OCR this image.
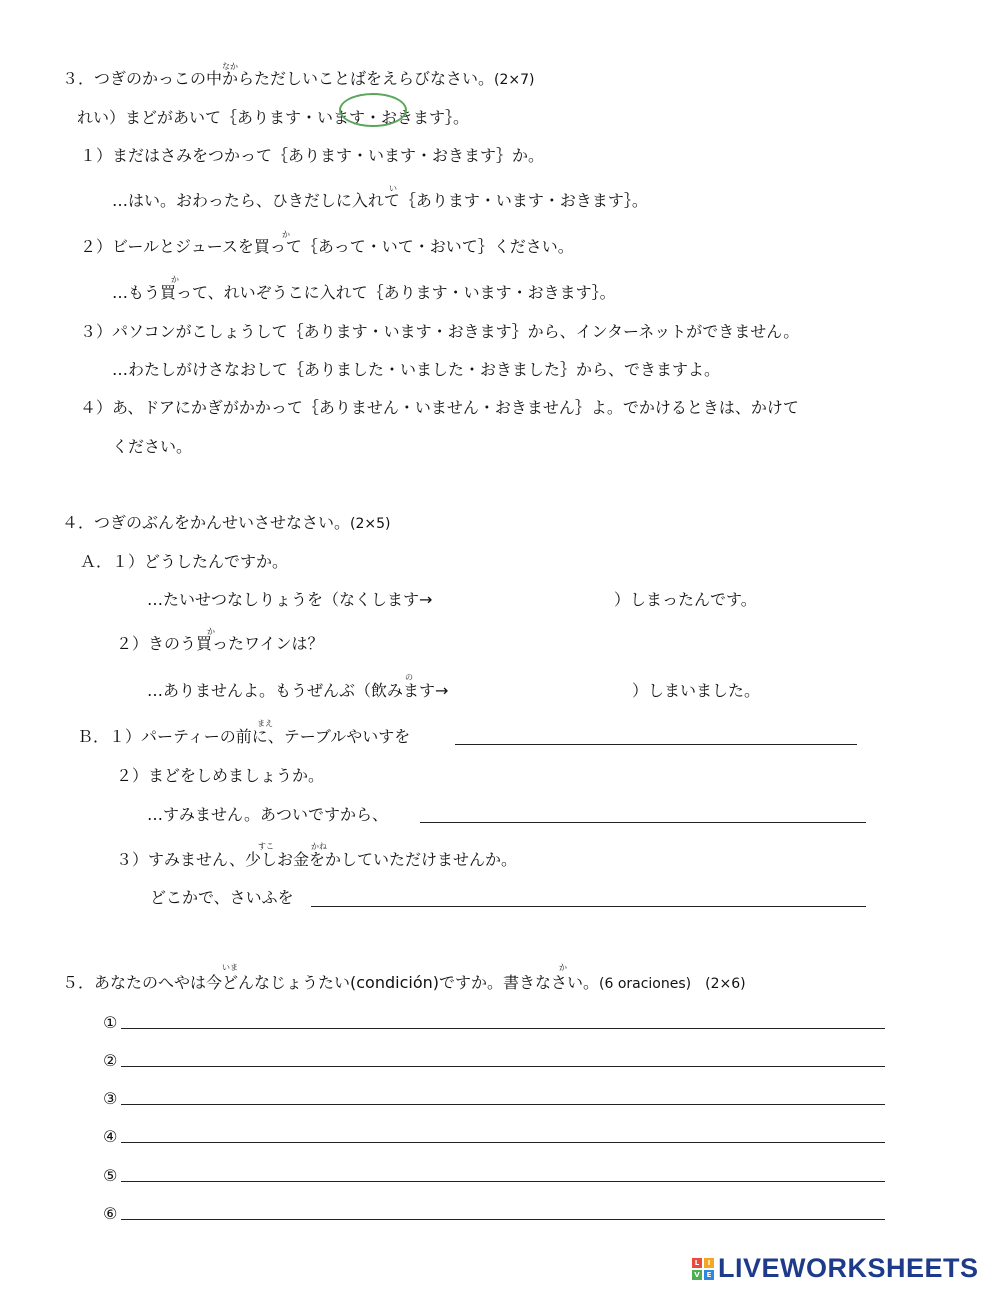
なか
３．つぎのかっこの中からただしいことばをえらびなさい。(2×7)
れい）まどがあいて｛あります・います・おきます｝。
１）まだはさみをつかって｛あります・います・おきます｝か。
い
…はい。おわったら、ひきだしに入れて｛あります・います・おきます｝。
か
２）ビールとジュースを買って｛あって・いて・おいて｝ください。
か
…もう買って、れいぞうこに入れて｛あります・います・おきます｝。
３）パソコンがこしょうして｛あります・います・おきます｝から、インターネットができません。
…わたしがけさなおして｛ありました・いました・おきました｝から、できますよ。
４）あ、ドアにかぎがかかって｛ありません・いません・おきません｝よ。でかけるときは、かけて
ください。
４．つぎのぶんをかんせいさせなさい。(2×5)
Ａ．１）どうしたんですか。
…たいせつなしりょうを（なくします→	）しまったんです。
か
２）きのう買ったワインは？
の
…ありませんよ。もうぜんぶ（飲みます→	）しまいました。
まえ
Ｂ．１）パーティーの前に、テーブルやいすを
２）まどをしめましょうか。
…すみません。あついですから、
すこ	かね
３）すみません、少しお金をかしていただけませんか。
どこかで、さいふを
いま	か
５．あなたのへやは今どんなじょうたい(condición)ですか。書きなさい。(6 oraciones)　(2×6)
①
②
③
④
⑤
⑥
L	I
V E LIVEWORKSHEETS
